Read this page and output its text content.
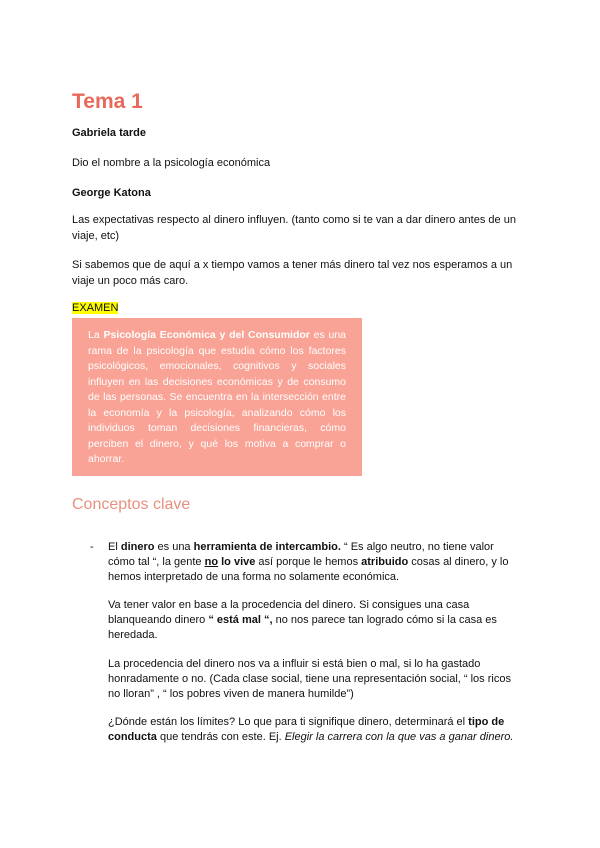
Tema 1

Gabriela tarde

Dio el nombre a la psicología económica

George Katona

Las expectativas respecto al dinero influyen. (tanto como si te van a dar dinero antes de un viaje, etc)

Si sabemos que de aquí a x tiempo vamos a tener más dinero tal vez nos esperamos a un viaje un poco más caro.

EXAMEN

La Psicología Económica y del Consumidor es una rama de la psicología que estudia cómo los factores psicológicos, emocionales, cognitivos y sociales influyen en las decisiones económicas y de consumo de las personas. Se encuentra en la intersección entre la economía y la psicología, analizando cómo los individuos toman decisiones financieras, cómo perciben el dinero, y qué los motiva a comprar o ahorrar.

Conceptos clave
- El dinero es una herramienta de intercambio. “ Es algo neutro, no tiene valor cómo tal “, la gente no lo vive así porque le hemos atribuido cosas al dinero, y lo hemos interpretado de una forma no solamente económica.

Va tener valor en base a la procedencia del dinero. Si consigues una casa blanqueando dinero “ está mal “, no nos parece tan logrado cómo si la casa es heredada.

La procedencia del dinero nos va a influir si está bien o mal, si lo ha gastado honradamente o no. (Cada clase social, tiene una representación social, “ los ricos no lloran” , “ los pobres viven de manera humilde”)

¿Dónde están los límites? Lo que para ti signifique dinero, determinará el tipo de conducta que tendrás con este. Ej. Elegir la carrera con la que vas a ganar dinero.
